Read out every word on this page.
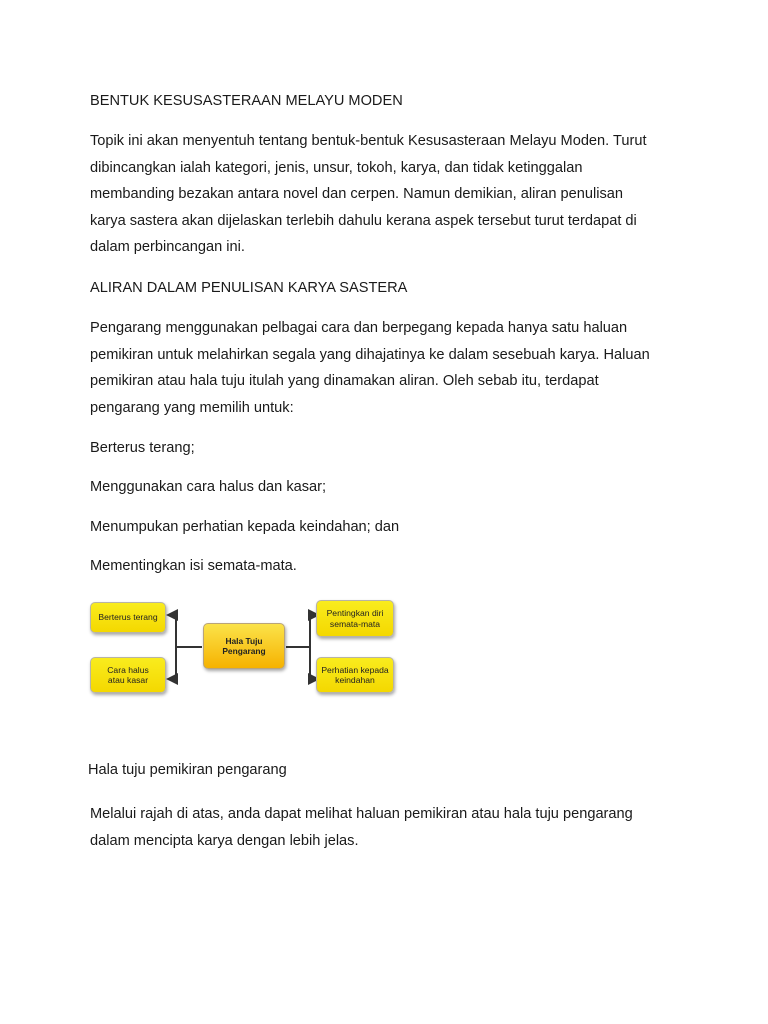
BENTUK KESUSASTERAAN MELAYU MODEN

Topik ini akan menyentuh tentang bentuk-bentuk Kesusasteraan Melayu Moden. Turut
dibincangkan ialah kategori, jenis, unsur, tokoh, karya, dan tidak ketinggalan
membanding bezakan antara novel dan cerpen. Namun demikian, aliran penulisan
karya sastera akan dijelaskan terlebih dahulu kerana aspek tersebut turut terdapat di
dalam perbincangan ini.

ALIRAN DALAM PENULISAN KARYA SASTERA

Pengarang menggunakan pelbagai cara dan berpegang kepada hanya satu haluan
pemikiran untuk melahirkan segala yang dihajatinya ke dalam sesebuah karya. Haluan
pemikiran atau hala tuju itulah yang dinamakan aliran. Oleh sebab itu, terdapat
pengarang yang memilih untuk:

Berterus terang;

Menggunakan cara halus dan kasar;

Menumpukan perhatian kepada keindahan; dan

Mementingkan isi semata-mata.

Berterus terang
Cara halus
atau kasar
Hala Tuju
Pengarang
Pentingkan diri
semata-mata
Perhatian kepada
keindahan

Hala tuju pemikiran pengarang

Melalui rajah di atas, anda dapat melihat haluan pemikiran atau hala tuju pengarang
dalam mencipta karya dengan lebih jelas.
